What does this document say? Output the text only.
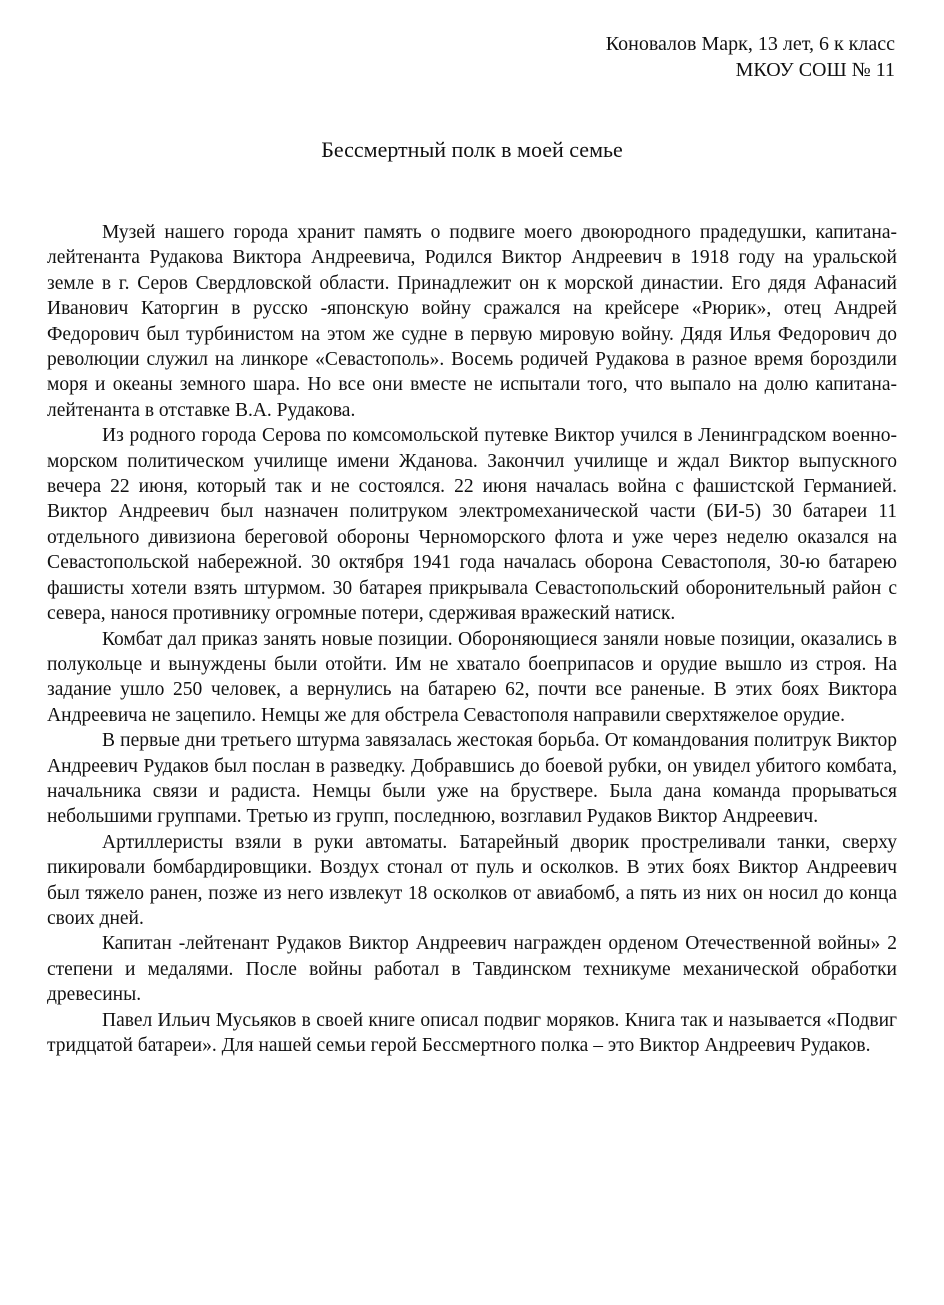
Коновалов Марк, 13 лет, 6 к класс
МКОУ СОШ № 11
Бессмертный полк в моей семье

Музей нашего города хранит память о подвиге моего двоюродного прадедушки, капитана-лейтенанта Рудакова Виктора Андреевича, Родился Виктор Андреевич в 1918 году на уральской земле в г. Серов Свердловской области. Принадлежит он к морской династии. Его дядя Афанасий Иванович Каторгин в русско -японскую войну сражался на крейсере «Рюрик», отец Андрей Федорович был турбинистом на этом же судне в первую мировую войну. Дядя Илья Федорович до революции служил на линкоре «Севастополь». Восемь родичей Рудакова в разное время бороздили моря и океаны земного шара. Но все они вместе не испытали того, что выпало на долю капитана-лейтенанта в отставке В.А. Рудакова.

Из родного города Серова по комсомольской путевке Виктор учился в Ленинградском военно-морском политическом училище имени Жданова. Закончил училище и ждал Виктор выпускного вечера 22 июня, который так и не состоялся. 22 июня началась война с фашистской Германией. Виктор Андреевич был назначен политруком электромеханической части (БИ-5) 30 батареи 11 отдельного дивизиона береговой обороны Черноморского флота и уже через неделю оказался на Севастопольской набережной. 30 октября 1941 года началась оборона Севастополя, 30-ю батарею фашисты хотели взять штурмом. 30 батарея прикрывала Севастопольский оборонительный район с севера, нанося противнику огромные потери, сдерживая вражеский натиск.

Комбат дал приказ занять новые позиции. Обороняющиеся заняли новые позиции, оказались в полукольце и вынуждены были отойти. Им не хватало боеприпасов и орудие вышло из строя. На задание ушло 250 человек, а вернулись на батарею 62, почти все раненые. В этих боях Виктора Андреевича не зацепило. Немцы же для обстрела Севастополя направили сверхтяжелое орудие.

В первые дни третьего штурма завязалась жестокая борьба. От командования политрук Виктор Андреевич Рудаков был послан в разведку. Добравшись до боевой рубки, он увидел убитого комбата, начальника связи и радиста. Немцы были уже на бруствере. Была дана команда прорываться небольшими группами. Третью из групп, последнюю, возглавил Рудаков Виктор Андреевич.

Артиллеристы взяли в руки автоматы. Батарейный дворик простреливали танки, сверху пикировали бомбардировщики. Воздух стонал от пуль и осколков. В этих боях Виктор Андреевич был тяжело ранен, позже из него извлекут 18 осколков от авиабомб, а пять из них он носил до конца своих дней.

Капитан -лейтенант Рудаков Виктор Андреевич награжден орденом Отечественной войны» 2 степени и медалями. После войны работал в Тавдинском техникуме механической обработки древесины.

Павел Ильич Мусьяков в своей книге описал подвиг моряков. Книга так и называется «Подвиг тридцатой батареи». Для нашей семьи герой Бессмертного полка – это Виктор Андреевич Рудаков.
